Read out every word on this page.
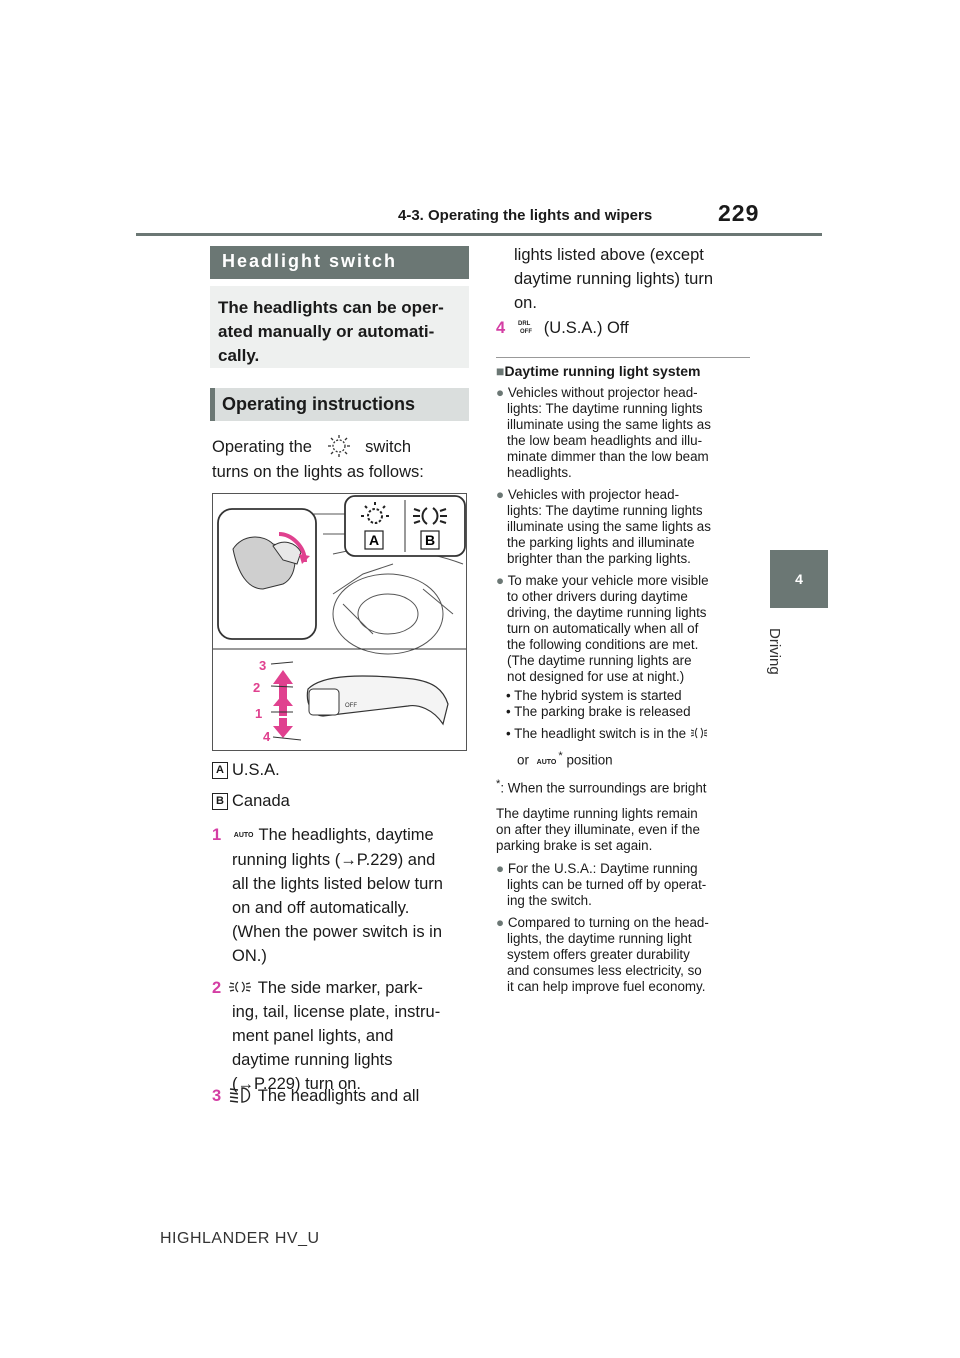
4-3. Operating the lights and wipers	229
4
Driving
Headlight switch
The headlights can be oper-
ated manually or automati-
cally.
Operating instructions
Operating the	switch
turns on the lights as follows:
A	B
OFF
3
2
1
4
A U.S.A.
B Canada
1 AUTO The headlights, daytime
running lights (→P.229) and
all the lights listed below turn
on and off automatically.
(When the power switch is in
ON.)
2 The side marker, park-
ing, tail, license plate, instru-
ment panel lights, and
daytime running lights
(→P.229) turn on.
3 The headlights and all
lights listed above (except
daytime running lights) turn
on.
4 DRL
OFF (U.S.A.) Off
■Daytime running light system
● Vehicles without projector head-
lights: The daytime running lights
illuminate using the same lights as
the low beam headlights and illu-
minate dimmer than the low beam
headlights.
● Vehicles with projector head-
lights: The daytime running lights
illuminate using the same lights as
the parking lights and illuminate
brighter than the parking lights.
● To make your vehicle more visible
to other drivers during daytime
driving, the daytime running lights
turn on automatically when all of
the following conditions are met.
(The daytime running lights are
not designed for use at night.)
• The hybrid system is started
• The parking brake is released
• The headlight switch is in the
or AUTO* position
*: When the surroundings are bright
The daytime running lights remain
on after they illuminate, even if the
parking brake is set again.
● For the U.S.A.: Daytime running
lights can be turned off by operat-
ing the switch.
● Compared to turning on the head-
lights, the daytime running light
system offers greater durability
and consumes less electricity, so
it can help improve fuel economy.
HIGHLANDER HV_U
